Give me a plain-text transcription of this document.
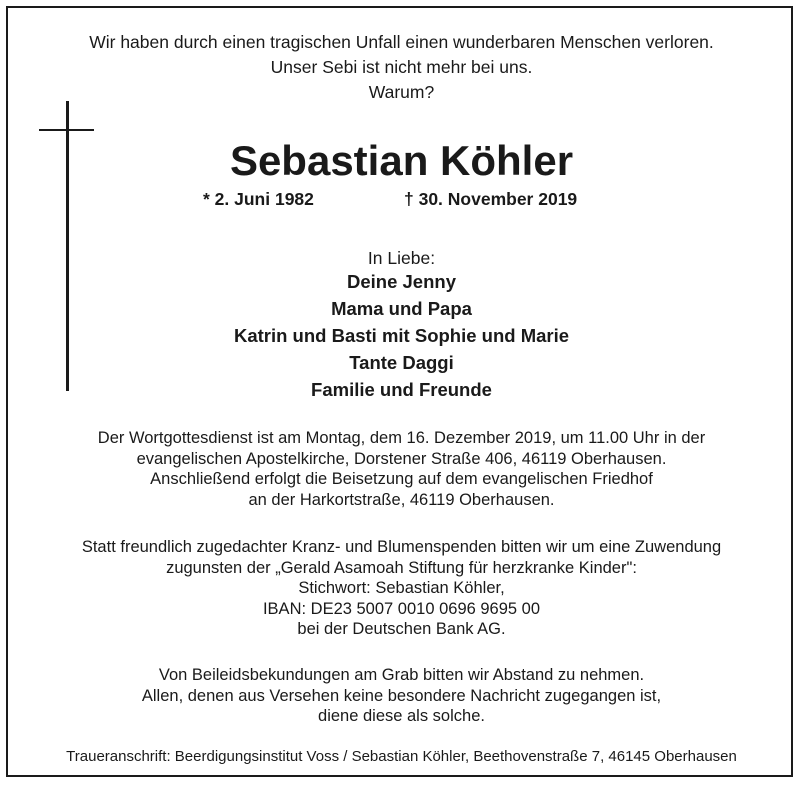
Wir haben durch einen tragischen Unfall einen wunderbaren Menschen verloren.
Unser Sebi ist nicht mehr bei uns.
Warum?
Sebastian Köhler
* 2. Juni 1982	† 30. November 2019
In Liebe:
Deine Jenny
Mama und Papa
Katrin und Basti mit Sophie und Marie
Tante Daggi
Familie und Freunde
Der Wortgottesdienst ist am Montag, dem 16. Dezember 2019, um 11.00 Uhr in der
evangelischen Apostelkirche, Dorstener Straße 406, 46119 Oberhausen.
Anschließend erfolgt die Beisetzung auf dem evangelischen Friedhof
an der Harkortstraße, 46119 Oberhausen.
Statt freundlich zugedachter Kranz- und Blumenspenden bitten wir um eine Zuwendung
zugunsten der „Gerald Asamoah Stiftung für herzkranke Kinder":
Stichwort: Sebastian Köhler,
IBAN: DE23 5007 0010 0696 9695 00
bei der Deutschen Bank AG.
Von Beileidsbekundungen am Grab bitten wir Abstand zu nehmen.
Allen, denen aus Versehen keine besondere Nachricht zugegangen ist,
diene diese als solche.
Traueranschrift: Beerdigungsinstitut Voss / Sebastian Köhler, Beethovenstraße 7, 46145 Oberhausen
